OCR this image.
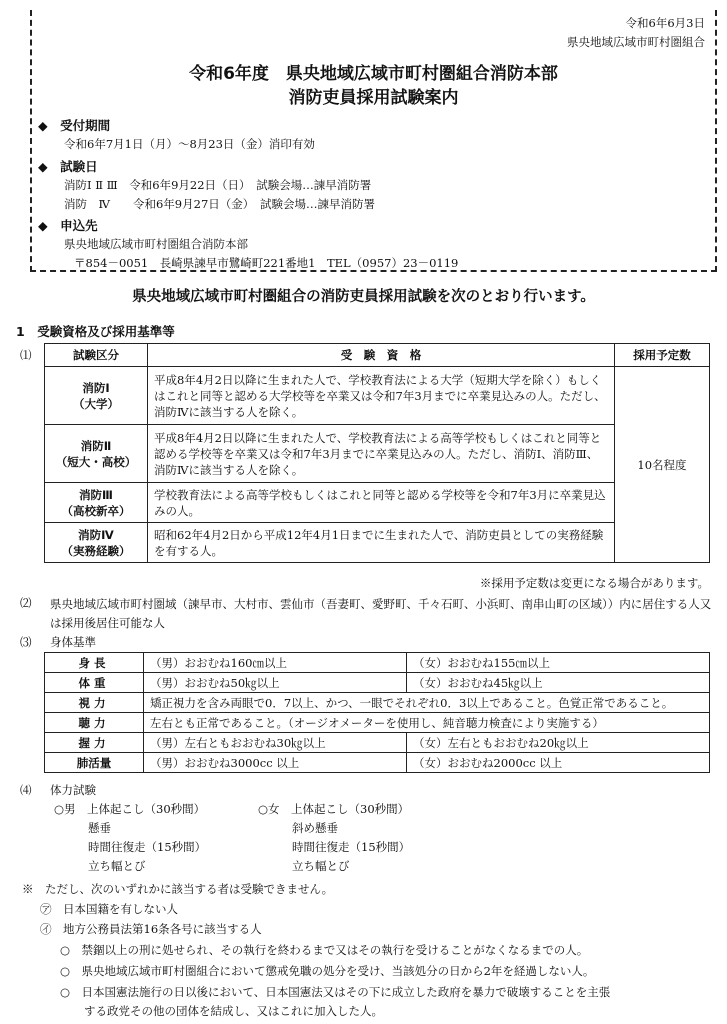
令和6年6月3日
県央地域広域市町村圏組合
令和6年度　県央地域広域市町村圏組合消防本部
消防吏員採用試験案内
◆　受付期間
令和6年7月1日（月）～8月23日（金）消印有効
◆　試験日
消防Ⅰ Ⅱ Ⅲ　令和6年9月22日（日）　試験会場…諫早消防署
消防　Ⅳ　　令和6年9月27日（金）　試験会場…諫早消防署
◆　申込先
県央地域広域市町村圏組合消防本部
〒854－0051　長崎県諫早市鷺崎町221番地1　TEL（0957）23－0119
県央地域広域市町村圏組合の消防吏員採用試験を次のとおり行います。
1　受験資格及び採用基準等
⑴	試験区分	受　験　資　格	採用予定数

消防Ⅰ
（大学）	平成8年4月2日以降に生まれた人で、学校教育法による大学（短期大学を除く）もしくはこれと同等と認める大学校等を卒業又は令和7年3月までに卒業見込みの人。ただし、消防Ⅳに該当する人を除く。	10名程度

消防Ⅱ
（短大・高校）	平成8年4月2日以降に生まれた人で、学校教育法による高等学校もしくはこれと同等と認める学校等を卒業又は令和7年3月までに卒業見込みの人。ただし、消防Ⅰ、消防Ⅲ、消防Ⅳに該当する人を除く。	

消防Ⅲ
（高校新卒）	学校教育法による高等学校もしくはこれと同等と認める学校等を令和7年3月に卒業見込みの人。	

消防Ⅳ
（実務経験）	昭和62年4月2日から平成12年4月1日までに生まれた人で、消防吏員としての実務経験を有する人。	
※採用予定数は変更になる場合があります。
⑵ 県央地域広域市町村圏域（諫早市、大村市、雲仙市（吾妻町、愛野町、千々石町、小浜町、南串山町の区域））内に居住する人又は採用後居住可能な人
⑶ 身体基準
身長	（男）おおむね160㎝以上	（女）おおむね155㎝以上
体重	（男）おおむね50㎏以上	（女）おおむね45㎏以上
視力	矯正視力を含み両眼で0．7以上、かつ、一眼でそれぞれ0．3以上であること。色覚正常であること。	
聴力	左右とも正常であること。（オージオメーターを使用し、純音聴力検査により実施する）	
握力	（男）左右ともおおむね30㎏以上	（女）左右ともおおむね20㎏以上
肺活量	（男）おおむね3000cc 以上	（女）おおむね2000cc 以上
⑷ 体力試験
○男　上体起こし（30秒間）
懸垂
時間往復走（15秒間）
立ち幅とび
○女　上体起こし（30秒間）
斜め懸垂
時間往復走（15秒間）
立ち幅とび
※　ただし、次のいずれかに該当する者は受験できません。
㋐　日本国籍を有しない人
㋑　地方公務員法第16条各号に該当する人
○　禁錮以上の刑に処せられ、その執行を終わるまで又はその執行を受けることがなくなるまでの人。
○　県央地域広域市町村圏組合において懲戒免職の処分を受け、当該処分の日から2年を経過しない人。
○　日本国憲法施行の日以後において、日本国憲法又はその下に成立した政府を暴力で破壊することを主張
する政党その他の団体を結成し、又はこれに加入した人。
